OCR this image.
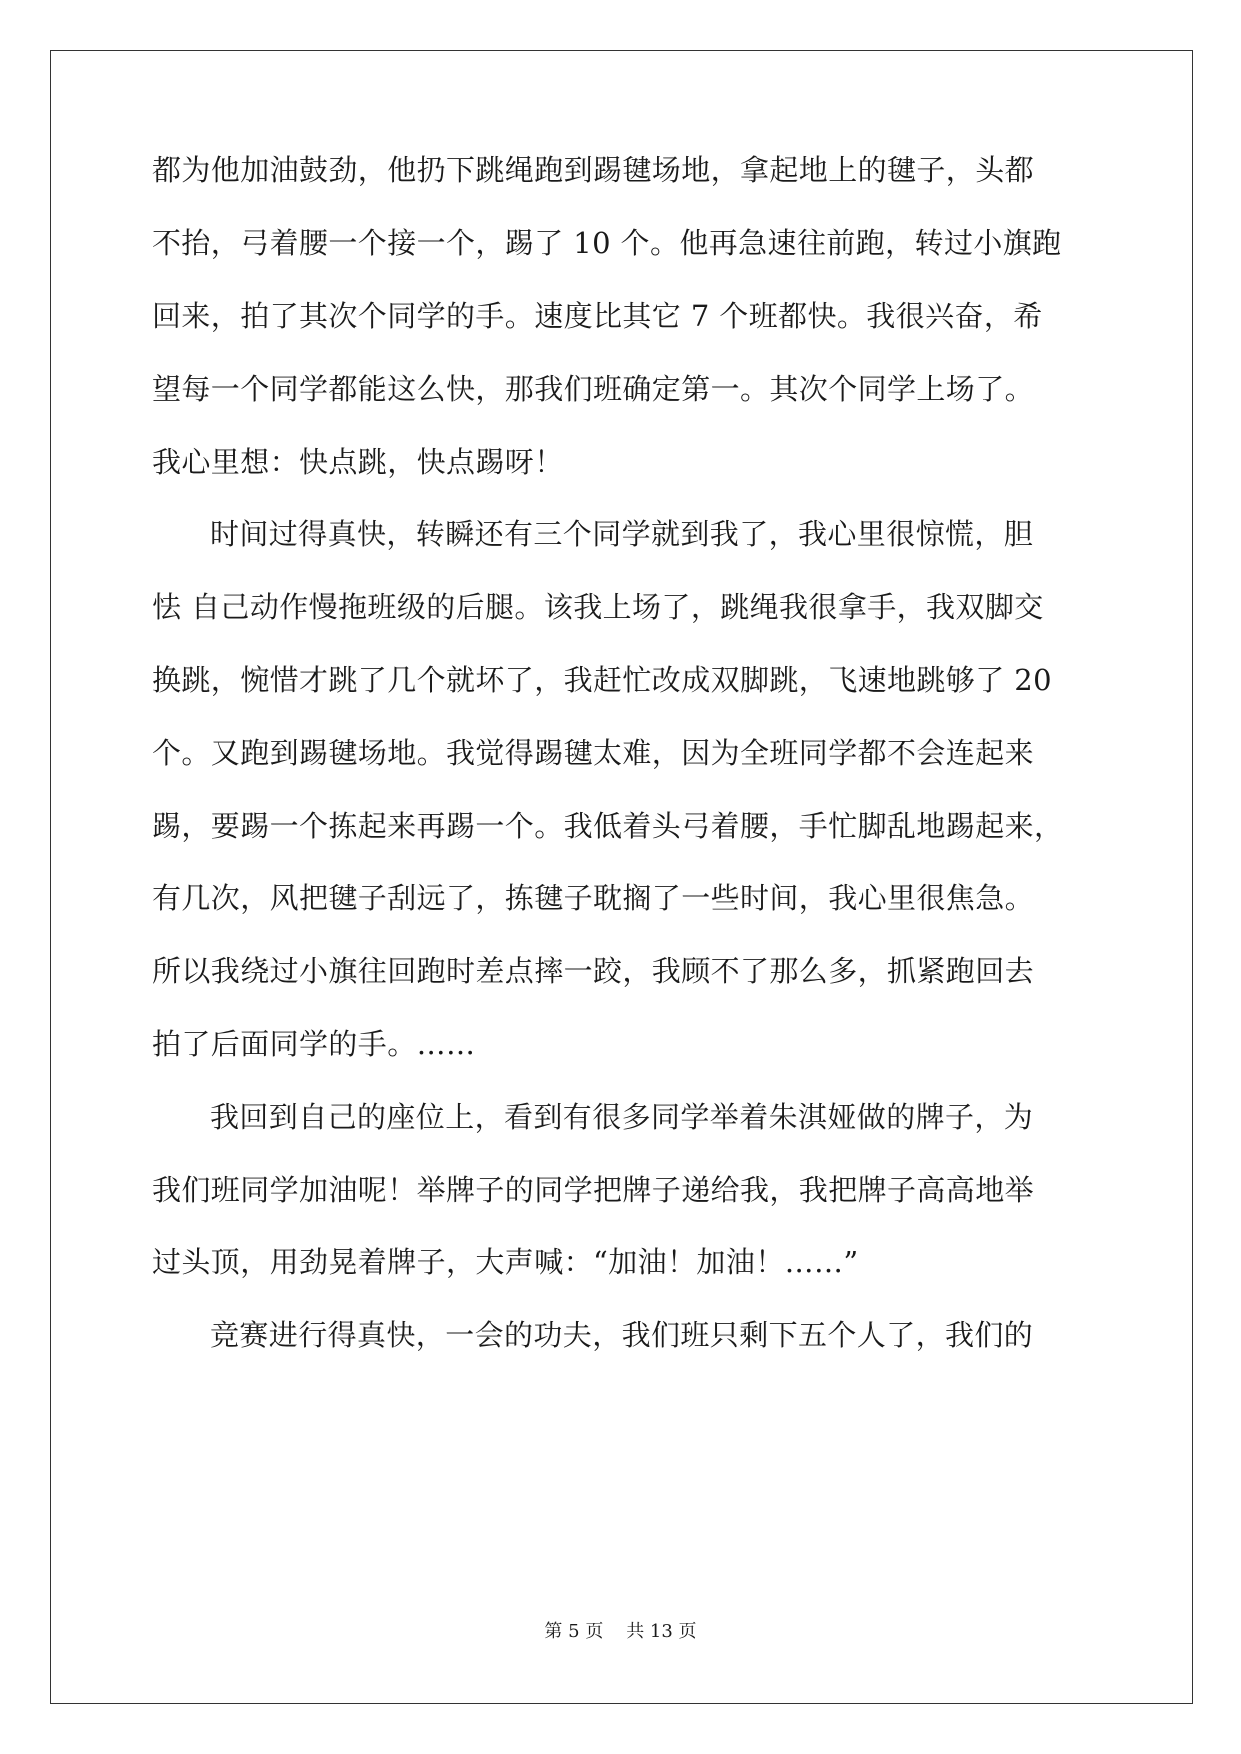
都为他加油鼓劲，他扔下跳绳跑到踢毽场地，拿起地上的毽子，头都
不抬，弓着腰一个接一个，踢了 10 个。他再急速往前跑，转过小旗跑
回来，拍了其次个同学的手。速度比其它 7 个班都快。我很兴奋，希
望每一个同学都能这么快，那我们班确定第一。其次个同学上场了。
我心里想：快点跳，快点踢呀！
时间过得真快，转瞬还有三个同学就到我了，我心里很惊慌，胆
怯 自己动作慢拖班级的后腿。该我上场了，跳绳我很拿手，我双脚交
换跳，惋惜才跳了几个就坏了，我赶忙改成双脚跳，飞速地跳够了 20
个。又跑到踢毽场地。我觉得踢毽太难，因为全班同学都不会连起来
踢，要踢一个拣起来再踢一个。我低着头弓着腰，手忙脚乱地踢起来，
有几次，风把毽子刮远了，拣毽子耽搁了一些时间，我心里很焦急。
所以我绕过小旗往回跑时差点摔一跤，我顾不了那么多，抓紧跑回去
拍了后面同学的手。……
我回到自己的座位上，看到有很多同学举着朱淇娅做的牌子，为
我们班同学加油呢！举牌子的同学把牌子递给我，我把牌子高高地举
过头顶，用劲晃着牌子，大声喊：“加油！加油！……”
竞赛进行得真快，一会的功夫，我们班只剩下五个人了，我们的
第 5 页    共 13 页
